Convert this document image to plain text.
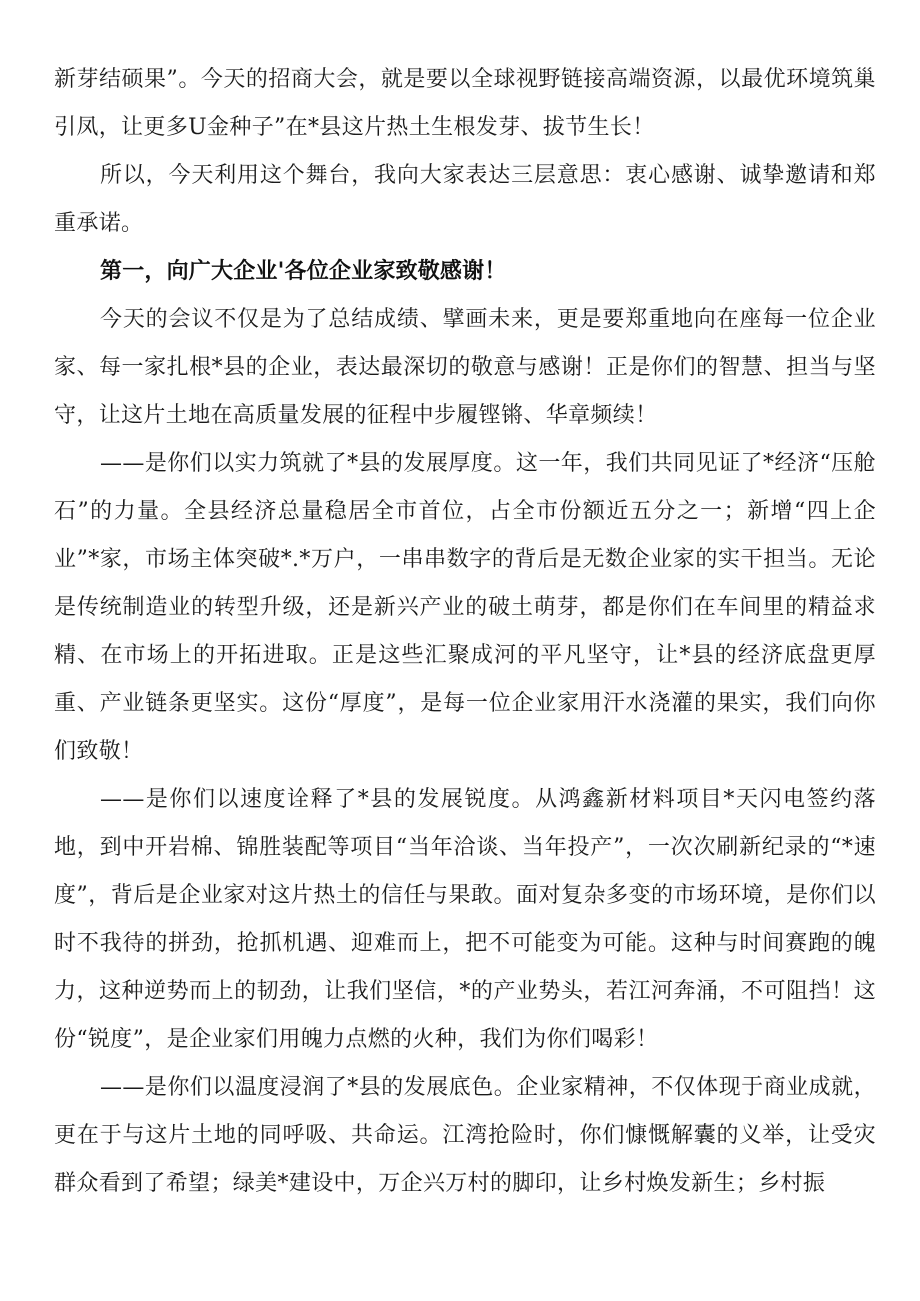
新芽结硕果”。今天的招商大会，就是要以全球视野链接高端资源，以最优环境筑巢引凤，让更多U金种子”在*县这片热土生根发芽、拔节生长！

所以，今天利用这个舞台，我向大家表达三层意思：衷心感谢、诚挚邀请和郑重承诺。

第一，向广大企业'各位企业家致敬感谢！

今天的会议不仅是为了总结成绩、擘画未来，更是要郑重地向在座每一位企业家、每一家扎根*县的企业，表达最深切的敬意与感谢！正是你们的智慧、担当与坚守，让这片土地在高质量发展的征程中步履铿锵、华章频续！

——是你们以实力筑就了*县的发展厚度。这一年，我们共同见证了*经济“压舱石”的力量。全县经济总量稳居全市首位，占全市份额近五分之一；新增“四上企业”*家，市场主体突破*.*万户，一串串数字的背后是无数企业家的实干担当。无论是传统制造业的转型升级，还是新兴产业的破土萌芽，都是你们在车间里的精益求精、在市场上的开拓进取。正是这些汇聚成河的平凡坚守，让*县的经济底盘更厚重、产业链条更坚实。这份“厚度”，是每一位企业家用汗水浇灌的果实，我们向你们致敬！

——是你们以速度诠释了*县的发展锐度。从鸿鑫新材料项目*天闪电签约落地，到中开岩棉、锦胜装配等项目“当年洽谈、当年投产”，一次次刷新纪录的“*速度”，背后是企业家对这片热土的信任与果敢。面对复杂多变的市场环境，是你们以时不我待的拼劲，抢抓机遇、迎难而上，把不可能变为可能。这种与时间赛跑的魄力，这种逆势而上的韧劲，让我们坚信，*的产业势头，若江河奔涌，不可阻挡！这份“锐度”，是企业家们用魄力点燃的火种，我们为你们喝彩！

——是你们以温度浸润了*县的发展底色。企业家精神，不仅体现于商业成就，更在于与这片土地的同呼吸、共命运。江湾抢险时，你们慷慨解囊的义举，让受灾群众看到了希望；绿美*建设中，万企兴万村的脚印，让乡村焕发新生；乡村振
